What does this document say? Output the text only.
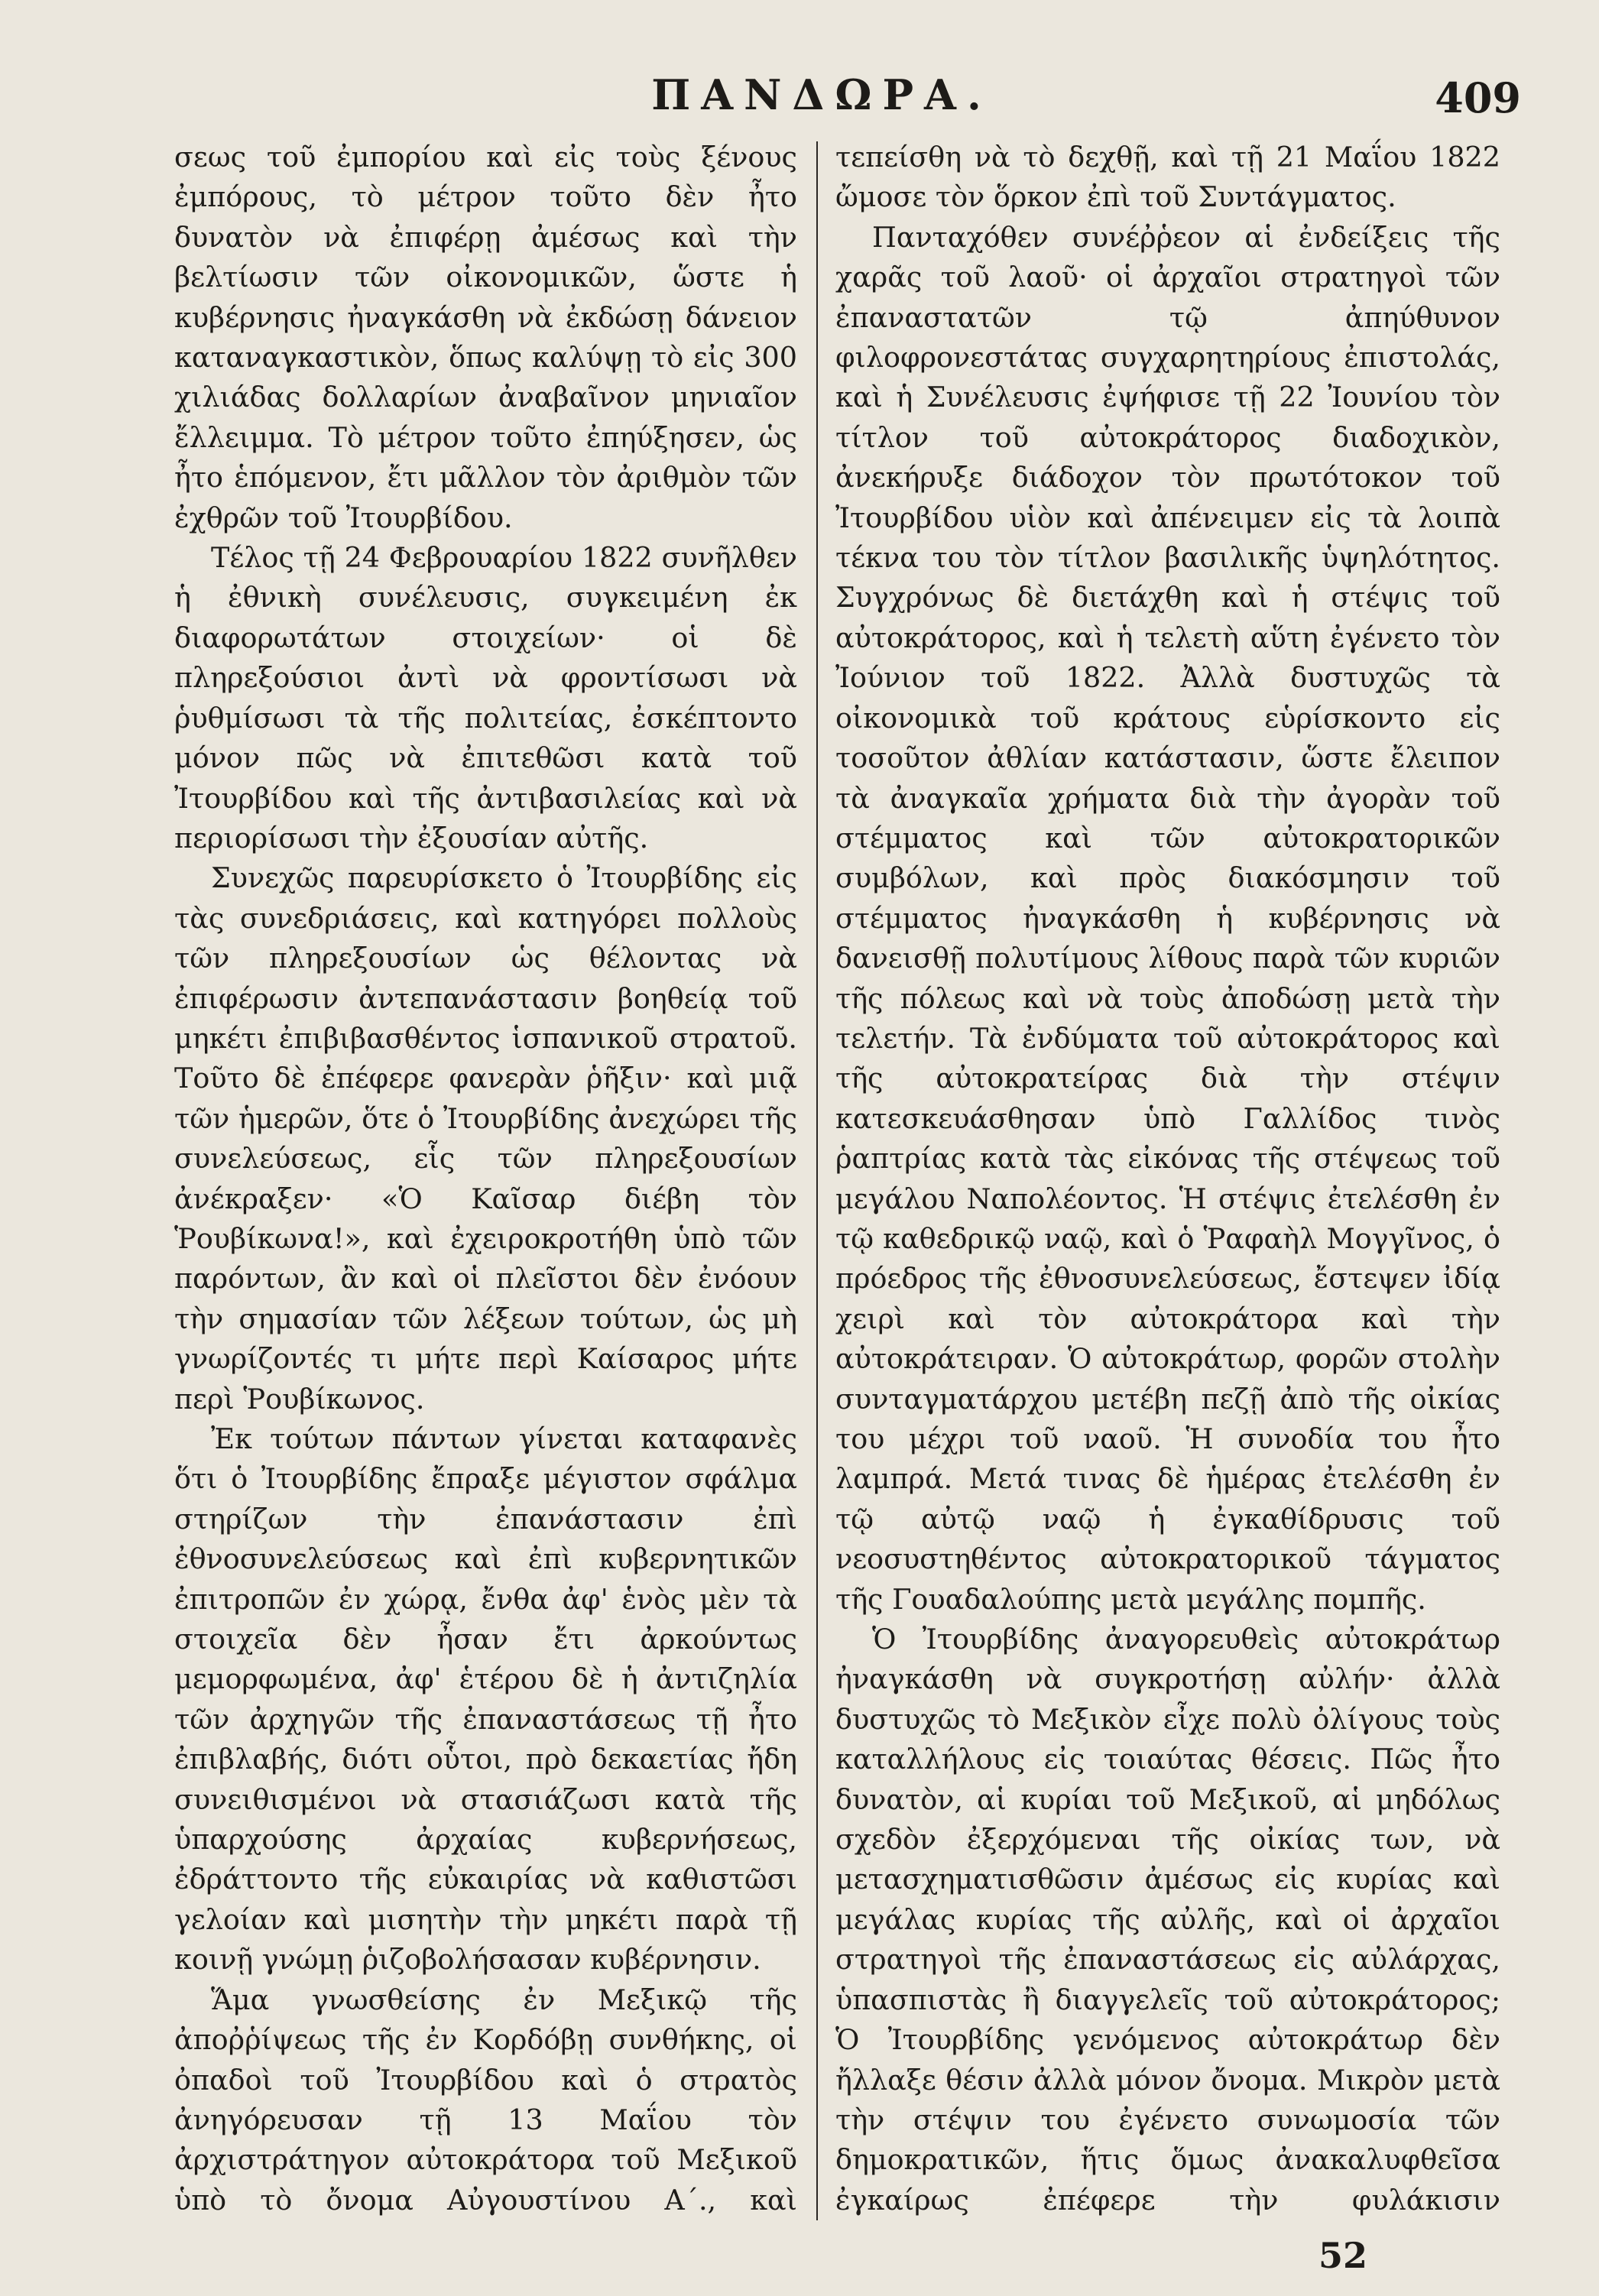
ΠΑΝΔΩΡΑ.	409

σεως τοῦ ἐμπορίου καὶ εἰς τοὺς ξένους ἐμπόρους, τὸ μέτρον τοῦτο δὲν ἦτο δυνατὸν νὰ ἐπιφέρῃ ἀμέσως καὶ τὴν βελτίωσιν τῶν οἰκονομικῶν, ὥστε ἡ κυβέρνησις ἠναγκάσθη νὰ ἐκδώσῃ δάνειον καταναγκαστικὸν, ὅπως καλύψῃ τὸ εἰς 300 χιλιάδας δολλαρίων ἀναβαῖνον μηνιαῖον ἔλλειμμα. Τὸ μέτρον τοῦτο ἐπηύξησεν, ὡς ἦτο ἑπόμενον, ἔτι μᾶλλον τὸν ἀριθμὸν τῶν ἐχθρῶν τοῦ Ἰτουρβίδου.

Τέλος τῇ 24 Φεβρουαρίου 1822 συνῆλθεν ἡ ἐθνικὴ συνέλευσις, συγκειμένη ἐκ διαφορωτάτων στοιχείων· οἱ δὲ πληρεξούσιοι ἀντὶ νὰ φροντίσωσι νὰ ῥυθμίσωσι τὰ τῆς πολιτείας, ἐσκέπτοντο μόνον πῶς νὰ ἐπιτεθῶσι κατὰ τοῦ Ἰτουρβίδου καὶ τῆς ἀντιβασιλείας καὶ νὰ περιορίσωσι τὴν ἐξουσίαν αὐτῆς.

Συνεχῶς παρευρίσκετο ὁ Ἰτουρβίδης εἰς τὰς συνεδριάσεις, καὶ κατηγόρει πολλοὺς τῶν πληρεξουσίων ὡς θέλοντας νὰ ἐπιφέρωσιν ἀντεπανάστασιν βοηθείᾳ τοῦ μηκέτι ἐπιβιβασθέντος ἱσπανικοῦ στρατοῦ. Τοῦτο δὲ ἐπέφερε φανερὰν ῥῆξιν· καὶ μιᾷ τῶν ἡμερῶν, ὅτε ὁ Ἰτουρβίδης ἀνεχώρει τῆς συνελεύσεως, εἷς τῶν πληρεξουσίων ἀνέκραξεν· «Ὁ Καῖσαρ διέβη τὸν Ῥουβίκωνα!», καὶ ἐχειροκροτήθη ὑπὸ τῶν παρόντων, ἂν καὶ οἱ πλεῖστοι δὲν ἐνόουν τὴν σημασίαν τῶν λέξεων τούτων, ὡς μὴ γνωρίζοντές τι μήτε περὶ Καίσαρος μήτε περὶ Ῥουβίκωνος.

Ἐκ τούτων πάντων γίνεται καταφανὲς ὅτι ὁ Ἰτουρβίδης ἔπραξε μέγιστον σφάλμα στηρίζων τὴν ἐπανάστασιν ἐπὶ ἐθνοσυνελεύσεως καὶ ἐπὶ κυβερνητικῶν ἐπιτροπῶν ἐν χώρᾳ, ἔνθα ἀφ' ἑνὸς μὲν τὰ στοιχεῖα δὲν ἦσαν ἔτι ἀρκούντως μεμορφωμένα, ἀφ' ἑτέρου δὲ ἡ ἀντιζηλία τῶν ἀρχηγῶν τῆς ἐπαναστάσεως τῇ ἦτο ἐπιβλαβής, διότι οὗτοι, πρὸ δεκαετίας ἤδη συνειθισμένοι νὰ στασιάζωσι κατὰ τῆς ὑπαρχούσης ἀρχαίας κυβερνήσεως, ἐδράττοντο τῆς εὐκαιρίας νὰ καθιστῶσι γελοίαν καὶ μισητὴν τὴν μηκέτι παρὰ τῇ κοινῇ γνώμῃ ῥιζοβολήσασαν κυβέρνησιν.

Ἅμα γνωσθείσης ἐν Μεξικῷ τῆς ἀποῤῥίψεως τῆς ἐν Κορδόβῃ συνθήκης, οἱ ὀπαδοὶ τοῦ Ἰτουρβίδου καὶ ὁ στρατὸς ἀνηγόρευσαν τῇ 13 Μαΐου τὸν ἀρχιστράτηγον αὐτοκράτορα τοῦ Μεξικοῦ ὑπὸ τὸ ὄνομα Αὐγουστίνου Α΄., καὶ

τεπείσθη νὰ τὸ δεχθῇ, καὶ τῇ 21 Μαΐου 1822 ὤμοσε τὸν ὅρκον ἐπὶ τοῦ Συντάγματος.

Πανταχόθεν συνέῤῥεον αἱ ἐνδείξεις τῆς χαρᾶς τοῦ λαοῦ· οἱ ἀρχαῖοι στρατηγοὶ τῶν ἐπαναστατῶν τῷ ἀπηύθυνον φιλοφρονεστάτας συγχαρητηρίους ἐπιστολάς, καὶ ἡ Συνέλευσις ἐψήφισε τῇ 22 Ἰουνίου τὸν τίτλον τοῦ αὐτοκράτορος διαδοχικὸν, ἀνεκήρυξε διάδοχον τὸν πρωτότοκον τοῦ Ἰτουρβίδου υἱὸν καὶ ἀπένειμεν εἰς τὰ λοιπὰ τέκνα του τὸν τίτλον βασιλικῆς ὑψηλότητος. Συγχρόνως δὲ διετάχθη καὶ ἡ στέψις τοῦ αὐτοκράτορος, καὶ ἡ τελετὴ αὕτη ἐγένετο τὸν Ἰούνιον τοῦ 1822. Ἀλλὰ δυστυχῶς τὰ οἰκονομικὰ τοῦ κράτους εὑρίσκοντο εἰς τοσοῦτον ἀθλίαν κατάστασιν, ὥστε ἔλειπον τὰ ἀναγκαῖα χρήματα διὰ τὴν ἀγορὰν τοῦ στέμματος καὶ τῶν αὐτοκρατορικῶν συμβόλων, καὶ πρὸς διακόσμησιν τοῦ στέμματος ἠναγκάσθη ἡ κυβέρνησις νὰ δανεισθῇ πολυτίμους λίθους παρὰ τῶν κυριῶν τῆς πόλεως καὶ νὰ τοὺς ἀποδώσῃ μετὰ τὴν τελετήν. Τὰ ἐνδύματα τοῦ αὐτοκράτορος καὶ τῆς αὐτοκρατείρας διὰ τὴν στέψιν κατεσκευάσθησαν ὑπὸ Γαλλίδος τινὸς ῥαπτρίας κατὰ τὰς εἰκόνας τῆς στέψεως τοῦ μεγάλου Ναπολέοντος. Ἡ στέψις ἐτελέσθη ἐν τῷ καθεδρικῷ ναῷ, καὶ ὁ Ῥαφαὴλ Μογγῖνος, ὁ πρόεδρος τῆς ἐθνοσυνελεύσεως, ἔστεψεν ἰδίᾳ χειρὶ καὶ τὸν αὐτοκράτορα καὶ τὴν αὐτοκράτειραν. Ὁ αὐτοκράτωρ, φορῶν στολὴν συνταγματάρχου μετέβη πεζῇ ἀπὸ τῆς οἰκίας του μέχρι τοῦ ναοῦ. Ἡ συνοδία του ἦτο λαμπρά. Μετά τινας δὲ ἡμέρας ἐτελέσθη ἐν τῷ αὐτῷ ναῷ ἡ ἐγκαθίδρυσις τοῦ νεοσυστηθέντος αὐτοκρατορικοῦ τάγματος τῆς Γουαδαλούπης μετὰ μεγάλης πομπῆς.

Ὁ Ἰτουρβίδης ἀναγορευθεὶς αὐτοκράτωρ ἠναγκάσθη νὰ συγκροτήσῃ αὐλήν· ἀλλὰ δυστυχῶς τὸ Μεξικὸν εἶχε πολὺ ὀλίγους τοὺς καταλλήλους εἰς τοιαύτας θέσεις. Πῶς ἦτο δυνατὸν, αἱ κυρίαι τοῦ Μεξικοῦ, αἱ μηδόλως σχεδὸν ἐξερχόμεναι τῆς οἰκίας των, νὰ μετασχηματισθῶσιν ἀμέσως εἰς κυρίας καὶ μεγάλας κυρίας τῆς αὐλῆς, καὶ οἱ ἀρχαῖοι στρατηγοὶ τῆς ἐπαναστάσεως εἰς αὐλάρχας, ὑπασπιστὰς ἢ διαγγελεῖς τοῦ αὐτοκράτορος; Ὁ Ἰτουρβίδης γενόμενος αὐτοκράτωρ δὲν ἤλλαξε θέσιν ἀλλὰ μόνον ὄνομα. Μικρὸν μετὰ τὴν στέψιν του ἐγένετο συνωμοσία τῶν δημοκρατικῶν, ἥτις ὅμως ἀνακαλυφθεῖσα ἐγκαίρως ἐπέφερε τὴν φυλάκισιν

52
